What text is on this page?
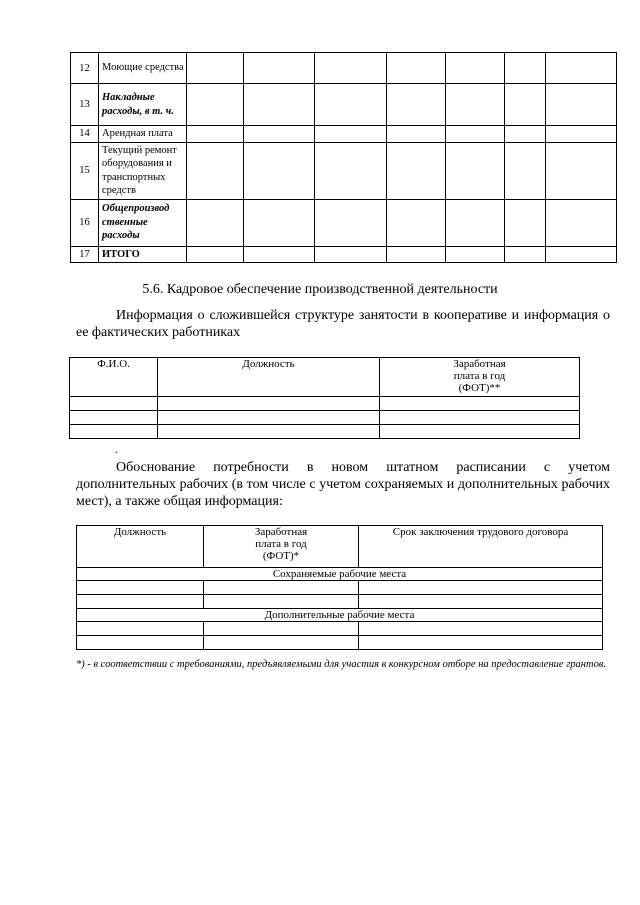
12	Моющие средства							
13	Накладные расходы, в т. ч.							
14	Арендная плата							
15	Текущий ремонт оборудования и транспортных средств							
16	Общепроизвод ственные расходы							
17	ИТОГО							
5.6. Кадровое обеспечение производственной деятельности
Информация о сложившейся структуре занятости в кооперативе и информация о ее фактических работниках
Ф.И.О.	Должность	Заработная плата в год (ФОТ)**

.
Обоснование потребности в новом штатном расписании с учетом дополнительных рабочих (в том числе с учетом сохраняемых и дополнительных рабочих мест), а также общая информация:
Должность	Заработная плата в год (ФОТ)*	Срок заключения трудового договора
Сохраняемые рабочие места		

Дополнительные рабочие места		

*) - в соответствии с требованиями, предъявляемыми для участия в конкурсном отборе на предоставление грантов.
